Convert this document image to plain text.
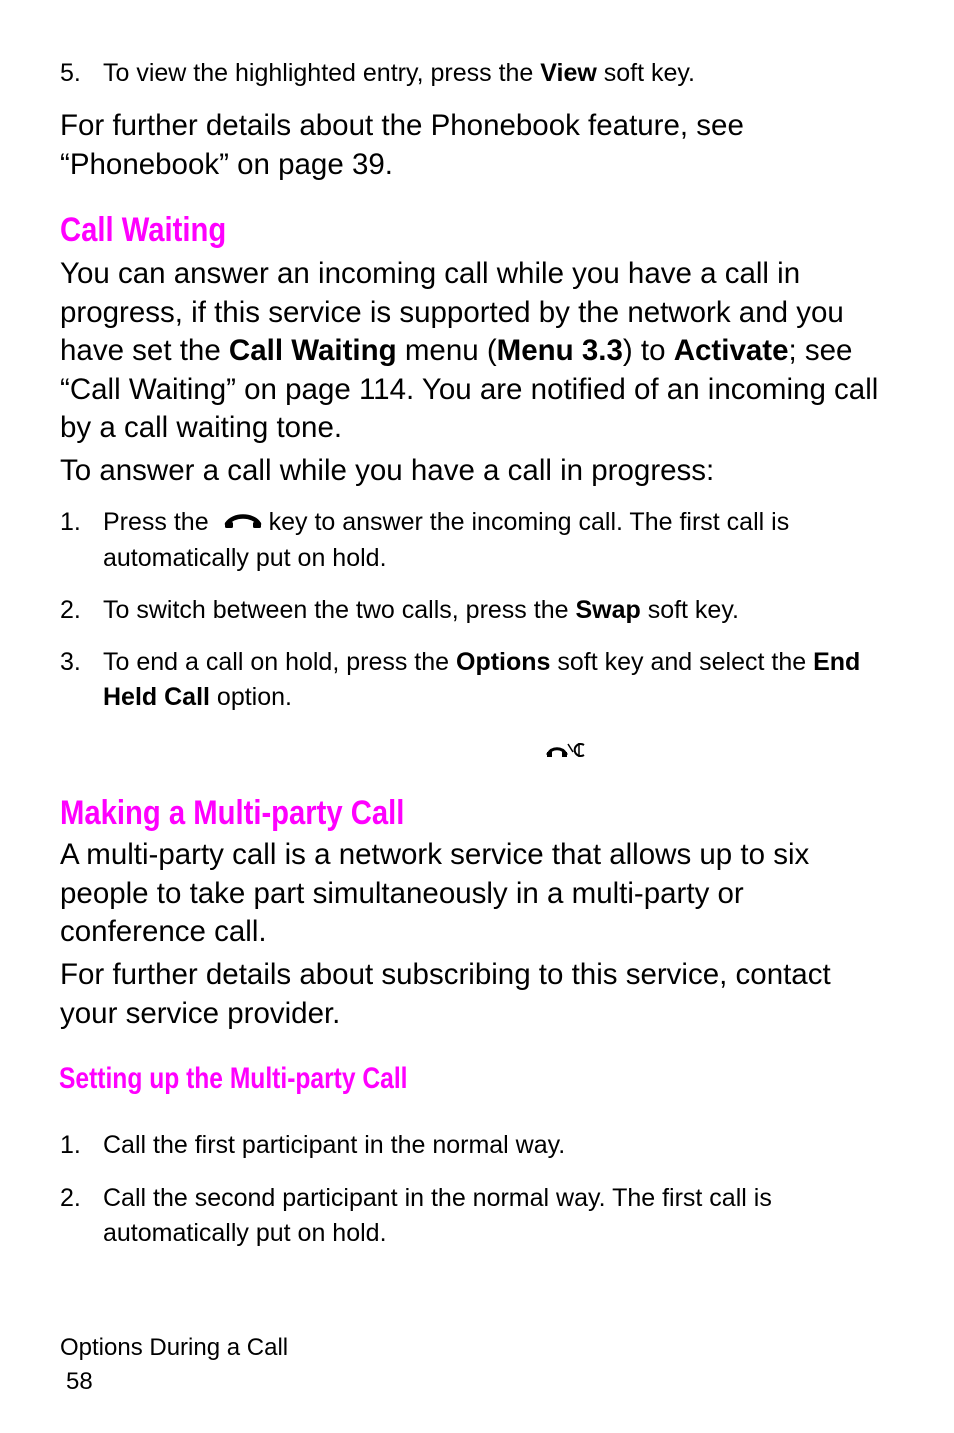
5. To view the highlighted entry, press the View soft key.
For further details about the Phonebook feature, see “Phonebook” on page 39.
Call Waiting
You can answer an incoming call while you have a call in progress, if this service is supported by the network and you have set the Call Waiting menu (Menu 3.3) to Activate; see “Call Waiting” on page 114. You are notified of an incoming call by a call waiting tone.
To answer a call while you have a call in progress:
1. Press the key to answer the incoming call. The first call is automatically put on hold.
2. To switch between the two calls, press the Swap soft key.
3. To end a call on hold, press the Options soft key and select the End Held Call option.
Making a Multi-party Call
A multi-party call is a network service that allows up to six people to take part simultaneously in a multi-party or conference call.
For further details about subscribing to this service, contact your service provider.
Setting up the Multi-party Call
1. Call the first participant in the normal way.
2. Call the second participant in the normal way. The first call is automatically put on hold.
Options During a Call
58
